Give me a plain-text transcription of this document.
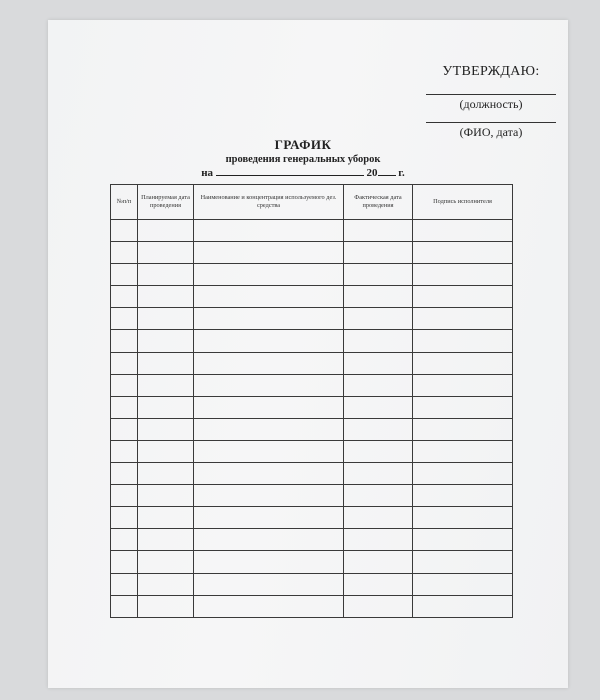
УТВЕРЖДАЮ:
(должность)
(ФИО, дата)
ГРАФИК
проведения генеральных уборок
на	20 г.
№п/п	Планируемая дата проведения	Наименование и концентрация используемого дез. средства	Фактическая дата проведения	Подпись исполнителя
